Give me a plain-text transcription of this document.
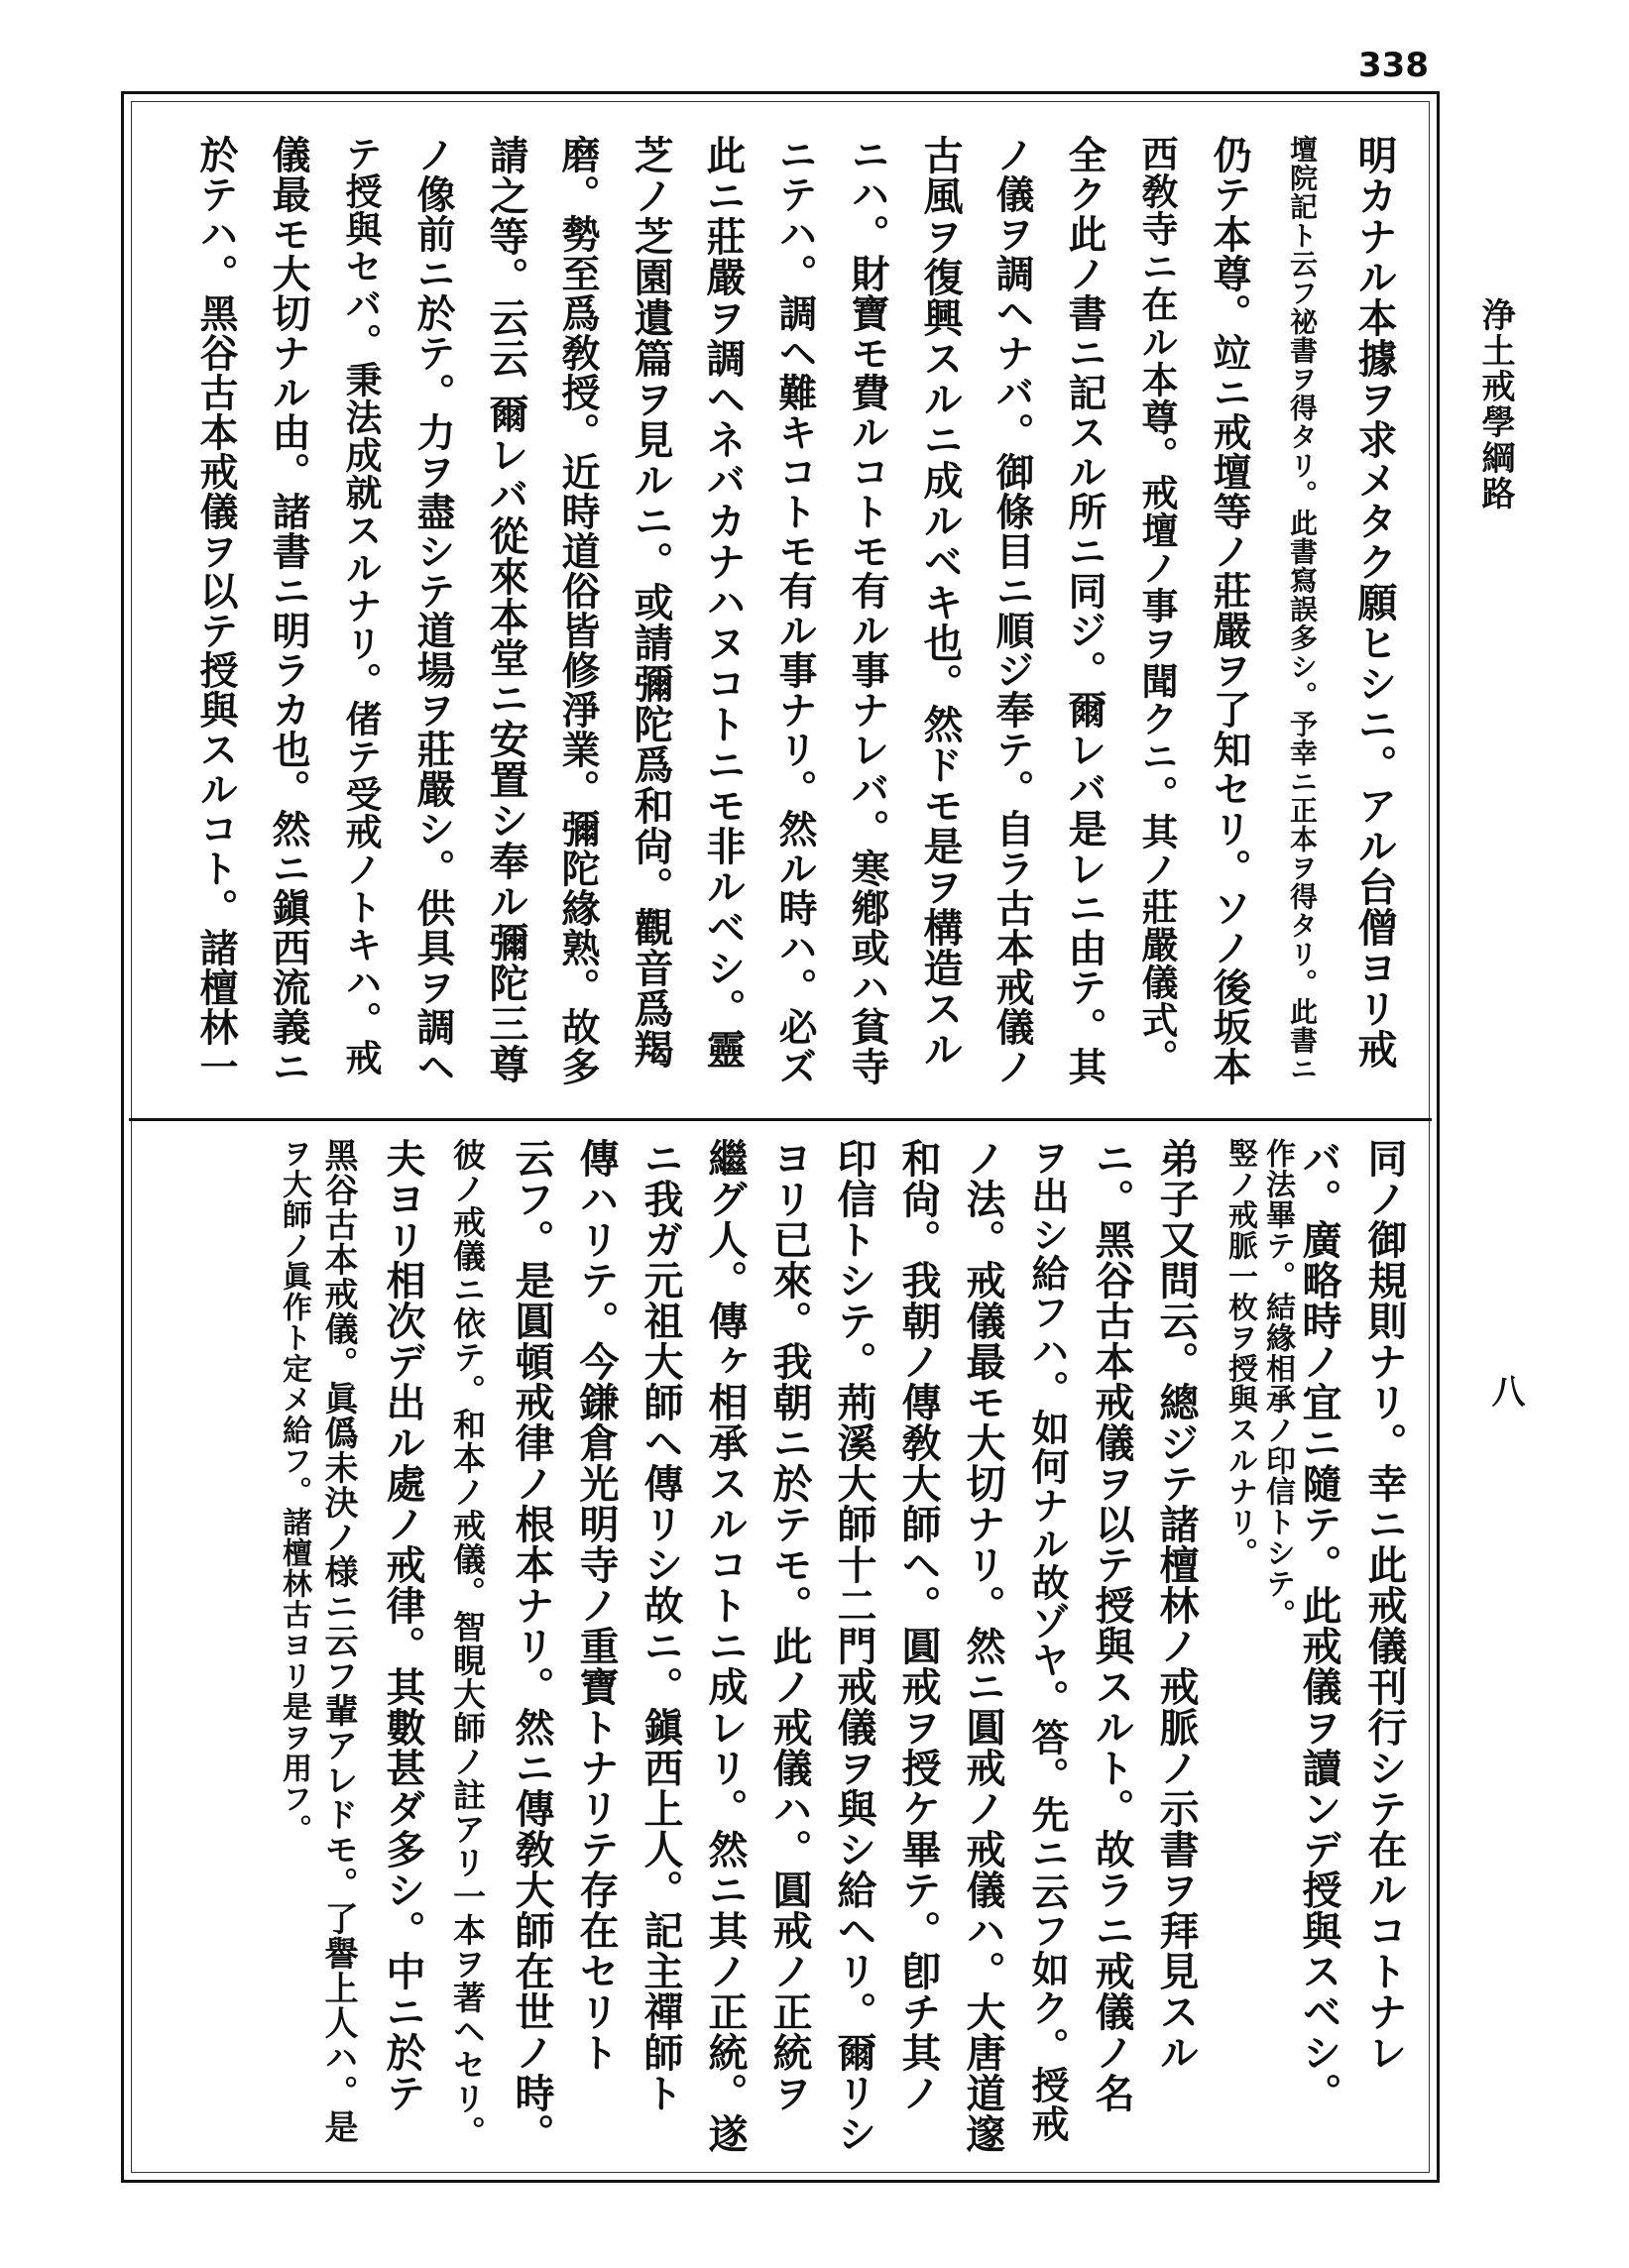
338
浄土戒學綱路
八
明カナル本據ヲ求メタク願ヒシニ。アル台僧ヨリ戒
壇院記ト云フ祕書ヲ得タリ。此書寫誤多シ。予幸ニ正本ヲ得タリ。此書ニ
仍テ本尊。竝ニ戒壇等ノ莊嚴ヲ了知セリ。ソノ後坂本
西敎寺ニ在ル本尊。戒壇ノ事ヲ聞クニ。其ノ莊嚴儀式。
全ク此ノ書ニ記スル所ニ同ジ。爾レバ是レニ由テ。其
ノ儀ヲ調ヘナバ。御條目ニ順ジ奉テ。自ラ古本戒儀ノ
古風ヲ復興スルニ成ルベキ也。然ドモ是ヲ構造スル
ニハ。財寶モ費ルコトモ有ル事ナレバ。寒鄕或ハ貧寺
ニテハ。調ヘ難キコトモ有ル事ナリ。然ル時ハ。必ズ
此ニ莊嚴ヲ調ヘネバカナハヌコトニモ非ルベシ。靈
芝ノ芝園遺篇ヲ見ルニ。或請彌陀爲和尙。觀音爲羯
磨。勢至爲敎授。近時道俗皆修淨業。彌陀緣熟。故多
請之等。云云 爾レバ從來本堂ニ安置シ奉ル彌陀三尊
ノ像前ニ於テ。力ヲ盡シテ道場ヲ莊嚴シ。供具ヲ調ヘ
テ授與セバ。秉法成就スルナリ。偖テ受戒ノトキハ。戒
儀最モ大切ナル由。諸書ニ明ラカ也。然ニ鎭西流義ニ
於テハ。黑谷古本戒儀ヲ以テ授與スルコト。諸檀林一
同ノ御規則ナリ。幸ニ此戒儀刊行シテ在ルコトナレ
バ。廣略時ノ宜ニ隨テ。此戒儀ヲ讀ンデ授與スベシ。
作法畢テ。結緣相承ノ印信トシテ。
竪ノ戒脈一枚ヲ授與スルナリ。
弟子又問云。總ジテ諸檀林ノ戒脈ノ示書ヲ拜見スル
ニ。黑谷古本戒儀ヲ以テ授與スルト。故ラニ戒儀ノ名
ヲ出シ給フハ。如何ナル故ゾヤ。答。先ニ云フ如ク。授戒
ノ法。戒儀最モ大切ナリ。然ニ圓戒ノ戒儀ハ。大唐道邃
和尙。我朝ノ傳敎大師ヘ。圓戒ヲ授ケ畢テ。卽チ其ノ
印信トシテ。荊溪大師十二門戒儀ヲ與シ給ヘリ。爾リシ
ヨリ已來。我朝ニ於テモ。此ノ戒儀ハ。圓戒ノ正統ヲ
繼グ人。傳ヶ相承スルコトニ成レリ。然ニ其ノ正統。遂
ニ我ガ元祖大師ヘ傳リシ故ニ。鎭西上人。記主禪師ト
傳ハリテ。今鎌倉光明寺ノ重寶トナリテ存在セリト
云フ。是圓頓戒律ノ根本ナリ。然ニ傳敎大師在世ノ時。
彼ノ戒儀ニ依テ。和本ノ戒儀。智睍大師ノ註アリ一本ヲ著ヘセリ。
夫ヨリ相次デ出ル處ノ戒律。其數甚ダ多シ。中ニ於テ
黑谷古本戒儀。眞僞未決ノ様ニ云フ輩アレドモ。了譽上人ハ。是
ヲ大師ノ眞作ト定メ給フ。諸檀林古ヨリ是ヲ用フ。
